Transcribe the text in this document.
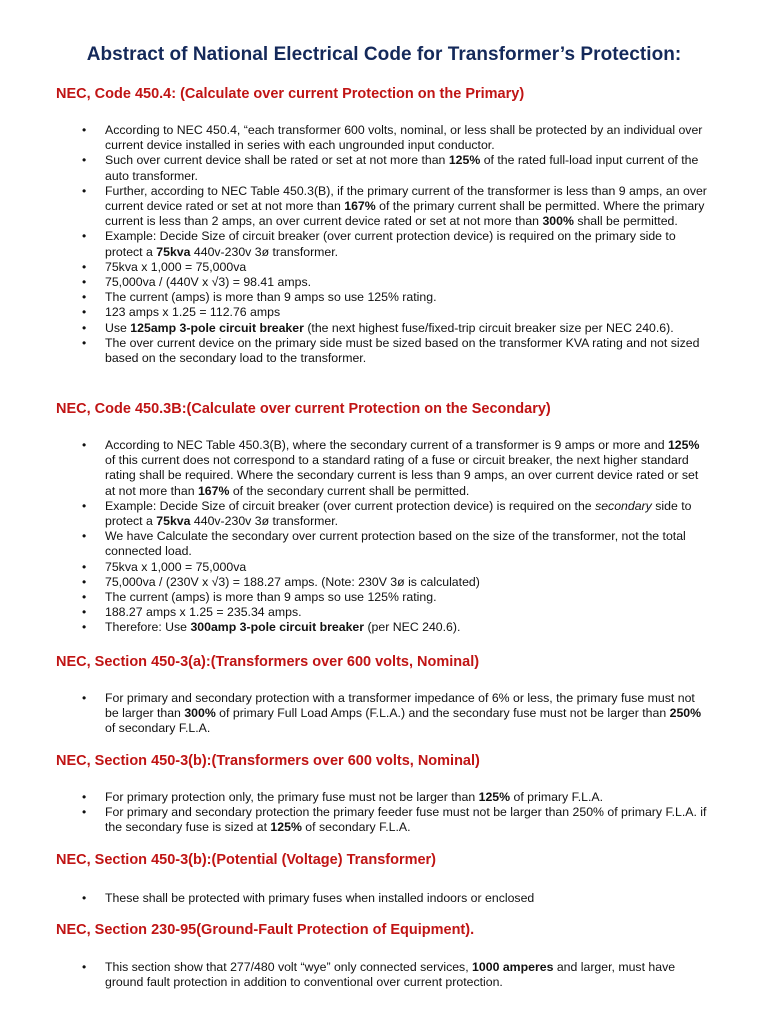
Abstract of National Electrical Code for Transformer’s Protection:
NEC, Code 450.4: (Calculate over current Protection on the Primary)
• According to NEC 450.4, “each transformer 600 volts, nominal, or less shall be protected by an individual over current device installed in series with each ungrounded input conductor.
• Such over current device shall be rated or set at not more than 125% of the rated full-load input current of the auto transformer.
• Further, according to NEC Table 450.3(B), if the primary current of the transformer is less than 9 amps, an over current device rated or set at not more than 167% of the primary current shall be permitted. Where the primary current is less than 2 amps, an over current device rated or set at not more than 300% shall be permitted.
• Example: Decide Size of circuit breaker (over current protection device) is required on the primary side to protect a 75kva 440v-230v 3ø transformer.
• 75kva x 1,000 = 75,000va
• 75,000va / (440V x √3) = 98.41 amps.
• The current (amps) is more than 9 amps so use 125% rating.
• 123 amps x 1.25 = 112.76 amps
• Use 125amp 3-pole circuit breaker (the next highest fuse/fixed-trip circuit breaker size per NEC 240.6).
• The over current device on the primary side must be sized based on the transformer KVA rating and not sized based on the secondary load to the transformer.
NEC, Code 450.3B:(Calculate over current Protection on the Secondary)
• According to NEC Table 450.3(B), where the secondary current of a transformer is 9 amps or more and 125% of this current does not correspond to a standard rating of a fuse or circuit breaker, the next higher standard rating shall be required. Where the secondary current is less than 9 amps, an over current device rated or set at not more than 167% of the secondary current shall be permitted.
• Example: Decide Size of circuit breaker (over current protection device) is required on the secondary side to protect a 75kva 440v-230v 3ø transformer.
• We have Calculate the secondary over current protection based on the size of the transformer, not the total connected load.
• 75kva x 1,000 = 75,000va
• 75,000va / (230V x √3) = 188.27 amps. (Note: 230V 3ø is calculated)
• The current (amps) is more than 9 amps so use 125% rating.
• 188.27 amps x 1.25 = 235.34 amps.
• Therefore: Use 300amp 3-pole circuit breaker (per NEC 240.6).
NEC, Section 450-3(a):(Transformers over 600 volts, Nominal)
• For primary and secondary protection with a transformer impedance of 6% or less, the primary fuse must not be larger than 300% of primary Full Load Amps (F.L.A.) and the secondary fuse must not be larger than 250% of secondary F.L.A.
NEC, Section 450-3(b):(Transformers over 600 volts, Nominal)
• For primary protection only, the primary fuse must not be larger than 125% of primary F.L.A.
• For primary and secondary protection the primary feeder fuse must not be larger than 250% of primary F.L.A. if the secondary fuse is sized at 125% of secondary F.L.A.
NEC, Section 450-3(b):(Potential (Voltage) Transformer)
• These shall be protected with primary fuses when installed indoors or enclosed
NEC, Section 230-95(Ground-Fault Protection of Equipment).
• This section show that 277/480 volt “wye” only connected services, 1000 amperes and larger, must have ground fault protection in addition to conventional over current protection.
